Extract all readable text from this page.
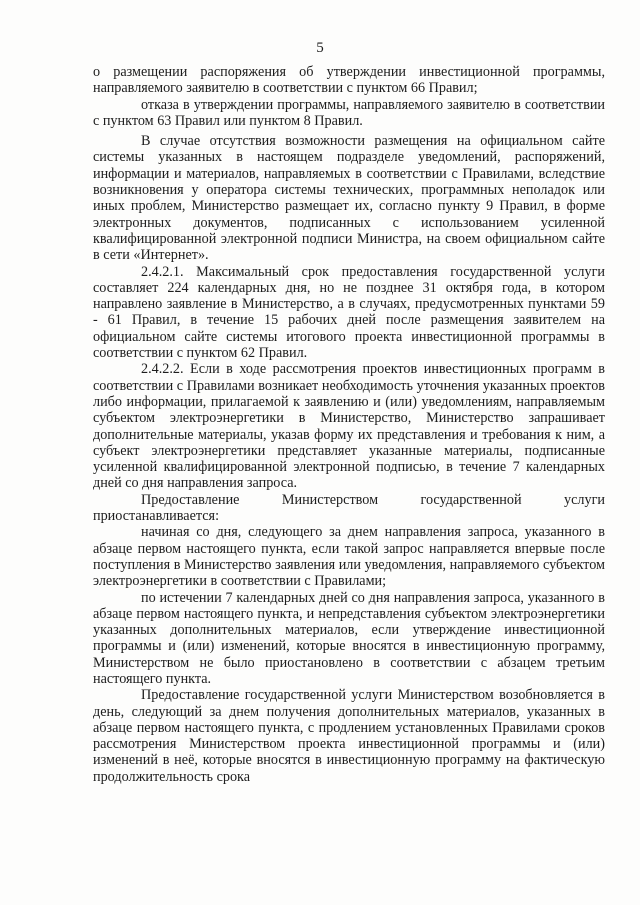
5

о размещении распоряжения об утверждении инвестиционной программы, направляемого заявителю в соответствии с пунктом 66 Правил;

отказа в утверждении программы, направляемого заявителю в соответствии с пунктом 63 Правил или пунктом 8 Правил.

В случае отсутствия возможности размещения на официальном сайте системы указанных в настоящем подразделе уведомлений, распоряжений, информации и материалов, направляемых в соответствии с Правилами, вследствие возникновения у оператора системы технических, программных неполадок или иных проблем, Министерство размещает их, согласно пункту 9 Правил, в форме электронных документов, подписанных с использованием усиленной квалифицированной электронной подписи Министра, на своем официальном сайте в сети «Интернет».

2.4.2.1. Максимальный срок предоставления государственной услуги составляет 224 календарных дня, но не позднее 31 октября года, в котором направлено заявление в Министерство, а в случаях, предусмотренных пунктами 59 - 61 Правил, в течение 15 рабочих дней после размещения заявителем на официальном сайте системы итогового проекта инвестиционной программы в соответствии с пунктом 62 Правил.

2.4.2.2. Если в ходе рассмотрения проектов инвестиционных программ в соответствии с Правилами возникает необходимость уточнения указанных проектов либо информации, прилагаемой к заявлению и (или) уведомлениям, направляемым субъектом электроэнергетики в Министерство, Министерство запрашивает дополнительные материалы, указав форму их представления и требования к ним, а субъект электроэнергетики представляет указанные материалы, подписанные усиленной квалифицированной электронной подписью, в течение 7 календарных дней со дня направления запроса.

Предоставление Министерством государственной услуги приостанавливается:

начиная со дня, следующего за днем направления запроса, указанного в абзаце первом настоящего пункта, если такой запрос направляется впервые после поступления в Министерство заявления или уведомления, направляемого субъектом электроэнергетики в соответствии с Правилами;

по истечении 7 календарных дней со дня направления запроса, указанного в абзаце первом настоящего пункта, и непредставления субъектом электроэнергетики указанных дополнительных материалов, если утверждение инвестиционной программы и (или) изменений, которые вносятся в инвестиционную программу, Министерством не было приостановлено в соответствии с абзацем третьим настоящего пункта.

Предоставление государственной услуги Министерством возобновляется в день, следующий за днем получения дополнительных материалов, указанных в абзаце первом настоящего пункта, с продлением установленных Правилами сроков рассмотрения Министерством проекта инвестиционной программы и (или) изменений в неё, которые вносятся в инвестиционную программу на фактическую продолжительность срока
